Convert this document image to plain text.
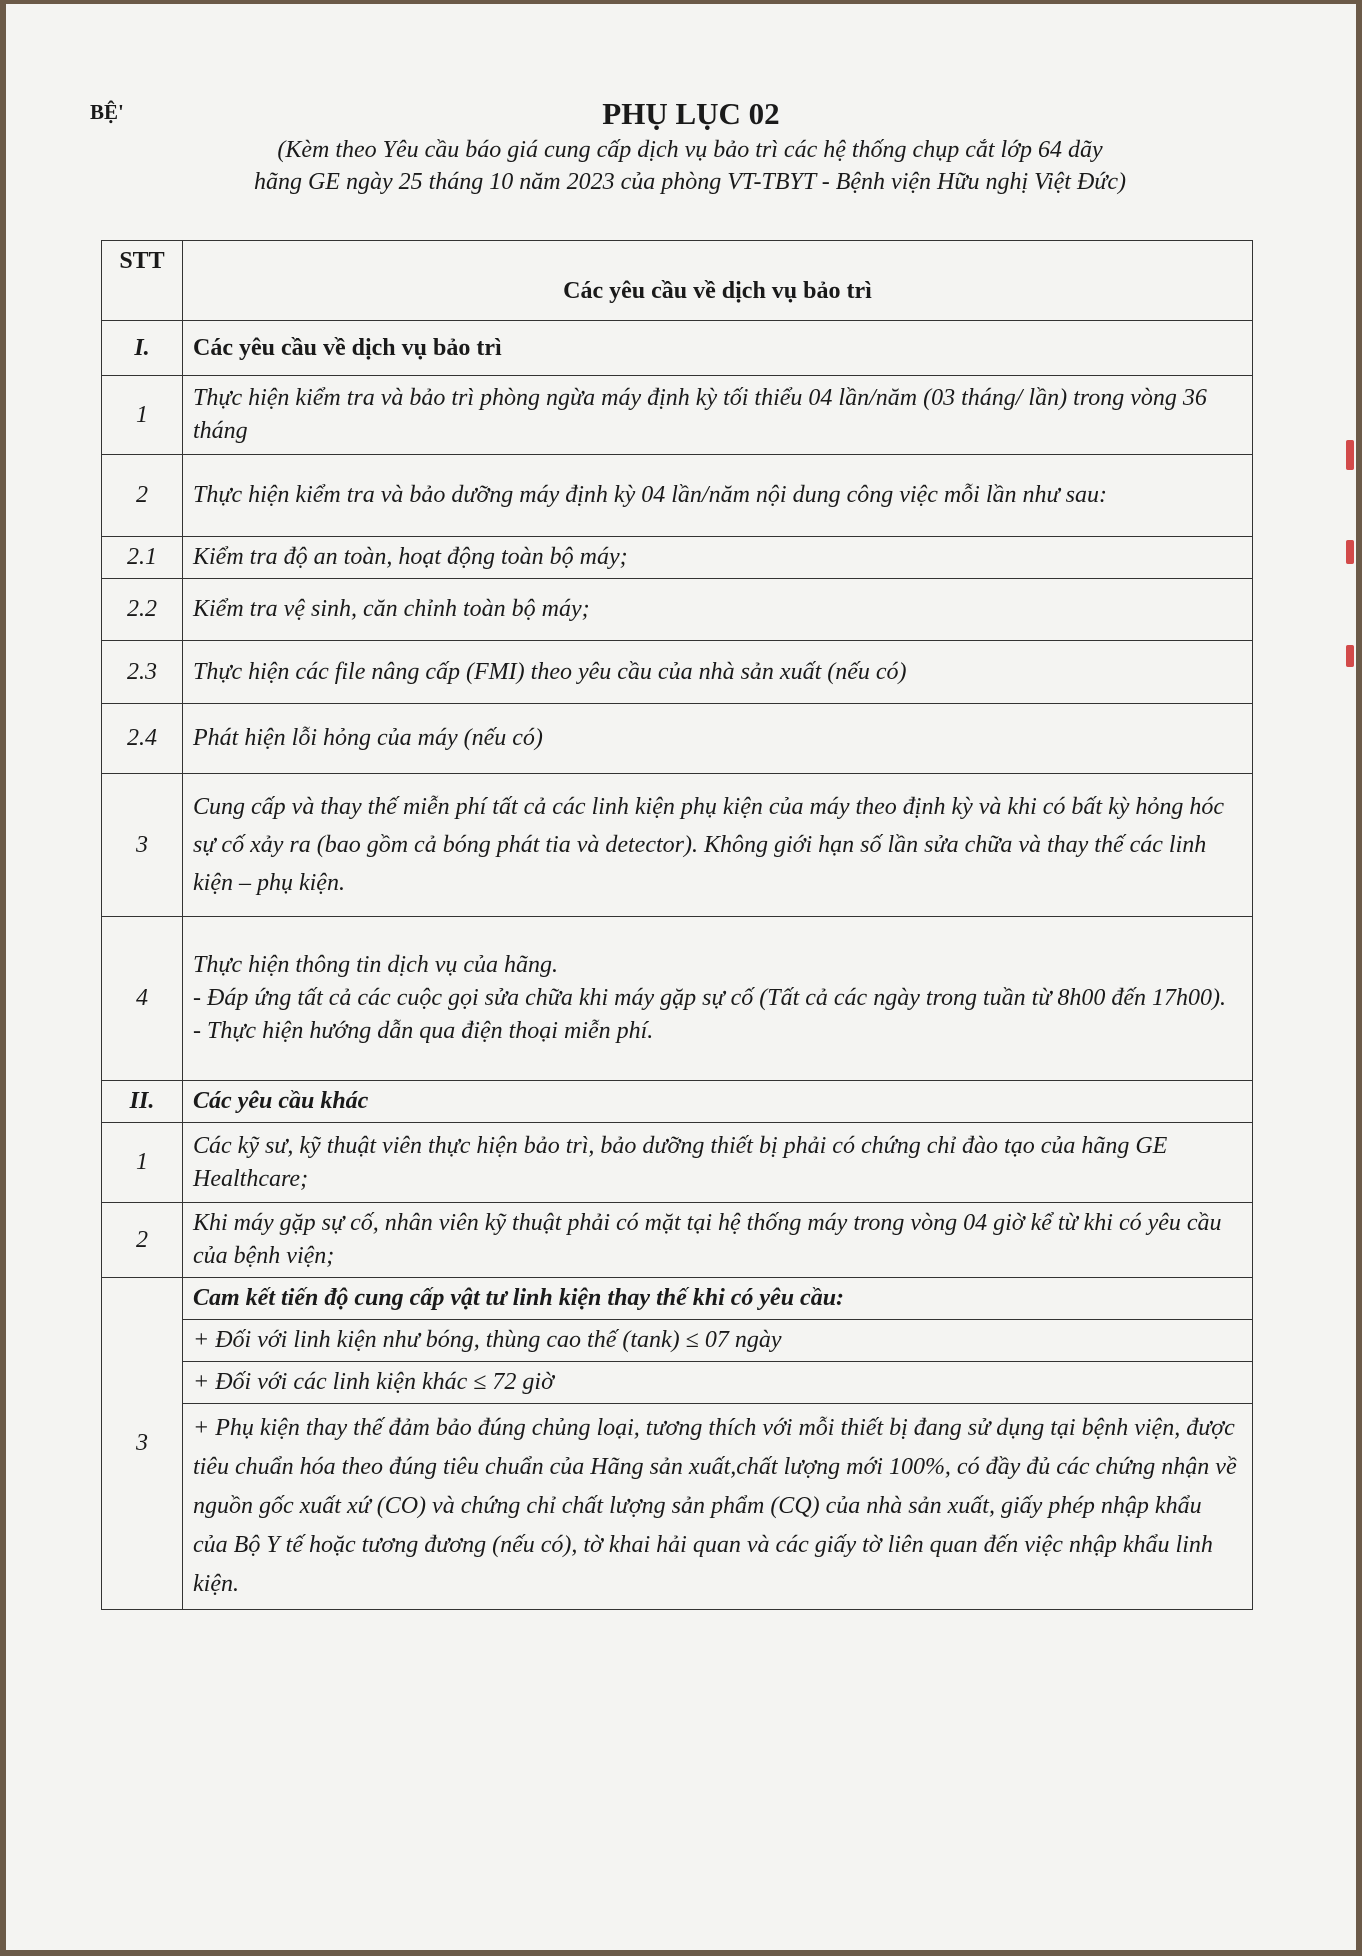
BỆ'	PHỤ LỤC 02
(Kèm theo Yêu cầu báo giá cung cấp dịch vụ bảo trì các hệ thống chụp cắt lớp 64 dãy
hãng GE ngày 25 tháng 10 năm 2023 của phòng VT-TBYT - Bệnh viện Hữu nghị Việt Đức)
STT	Các yêu cầu về dịch vụ bảo trì
I.	Các yêu cầu về dịch vụ bảo trì
1	Thực hiện kiểm tra và bảo trì phòng ngừa máy định kỳ tối thiểu 04 lần/năm (03 tháng/ lần) trong vòng 36 tháng
2	Thực hiện kiểm tra và bảo dưỡng máy định kỳ 04 lần/năm nội dung công việc mỗi lần như sau:
2.1	Kiểm tra độ an toàn, hoạt động toàn bộ máy;
2.2	Kiểm tra vệ sinh, căn chỉnh toàn bộ máy;
2.3	Thực hiện các file nâng cấp (FMI) theo yêu cầu của nhà sản xuất (nếu có)
2.4	Phát hiện lỗi hỏng của máy (nếu có)
3	Cung cấp và thay thế miễn phí tất cả các linh kiện phụ kiện của máy theo định kỳ và khi có bất kỳ hỏng hóc sự cố xảy ra (bao gồm cả bóng phát tia và detector). Không giới hạn số lần sửa chữa và thay thế các linh kiện – phụ kiện.
4	Thực hiện thông tin dịch vụ của hãng.
- Đáp ứng tất cả các cuộc gọi sửa chữa khi máy gặp sự cố (Tất cả các ngày trong tuần từ 8h00 đến 17h00).
- Thực hiện hướng dẫn qua điện thoại miễn phí.

II.	Các yêu cầu khác
1	Các kỹ sư, kỹ thuật viên thực hiện bảo trì, bảo dưỡng thiết bị phải có chứng chỉ đào tạo của hãng GE Healthcare;
2	Khi máy gặp sự cố, nhân viên kỹ thuật phải có mặt tại hệ thống máy trong vòng 04 giờ kể từ khi có yêu cầu của bệnh viện;
3	Cam kết tiến độ cung cấp vật tư linh kiện thay thế khi có yêu cầu:
	+ Đối với linh kiện như bóng, thùng cao thế (tank) ≤ 07 ngày
	+ Đối với các linh kiện khác ≤ 72 giờ
	+ Phụ kiện thay thế đảm bảo đúng chủng loại, tương thích với mỗi thiết bị đang sử dụng tại bệnh viện, được tiêu chuẩn hóa theo đúng tiêu chuẩn của Hãng sản xuất,chất lượng mới 100%, có đầy đủ các chứng nhận về nguồn gốc xuất xứ (CO) và chứng chỉ chất lượng sản phẩm (CQ) của nhà sản xuất, giấy phép nhập khẩu của Bộ Y tế hoặc tương đương (nếu có), tờ khai hải quan và các giấy tờ liên quan đến việc nhập khẩu linh kiện.
